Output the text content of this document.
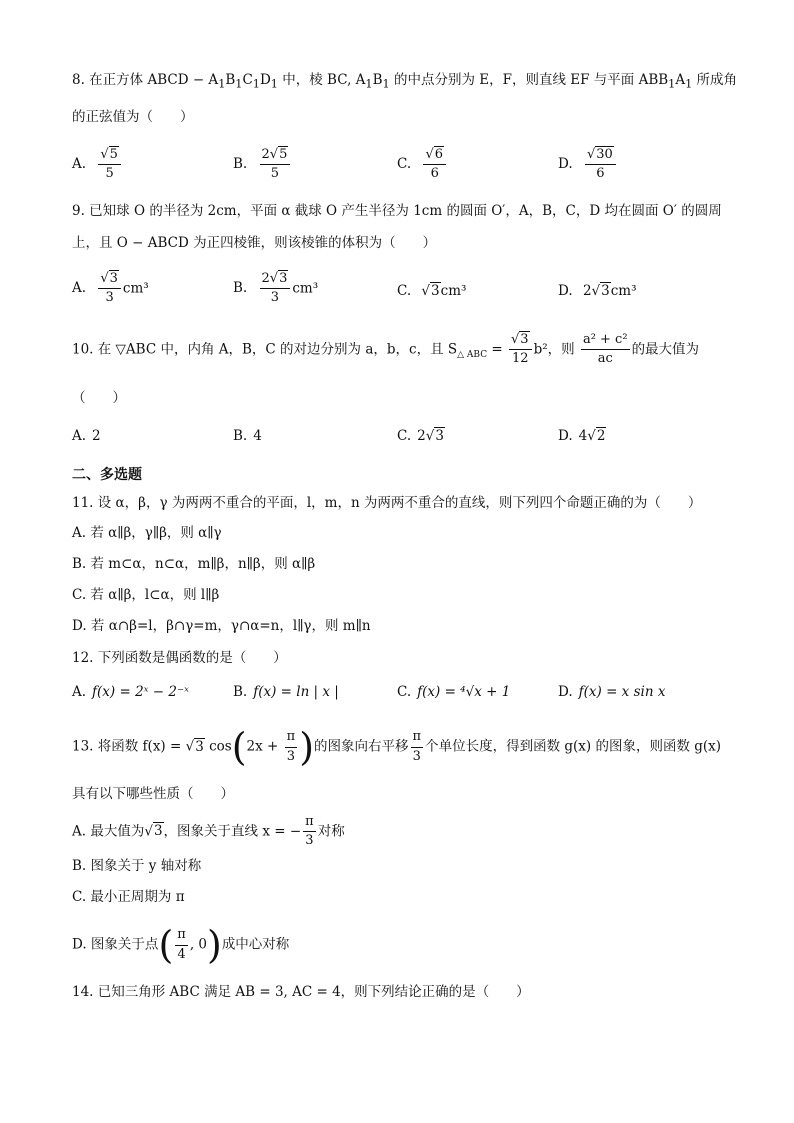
8. 在正方体 ABCD − $A_1B_1C_1D_1$ 中，棱 BC, $A_1B_1$ 的中点分别为 E，F，则直线 EF 与平面 $ABB_1A_1$ 所成角
的正弦值为（　　）
A. $\frac{√5}{5}$	B. $\frac{2√5}{5}$	C. $\frac{√6}{6}$	D. $\frac{√30}{6}$
9. 已知球 O 的半径为 2cm，平面 α 截球 O 产生半径为 1cm 的圆面 O′，A，B，C，D 均在圆面 O′ 的圆周
上，且 O − ABCD 为正四棱锥，则该棱锥的体积为（　　）
A. $\frac{√3}{3} cm^3$	B. $\frac{2√3}{3} cm^3$	C. √3cm³	D. 2√3cm³
10. 在 ▽ABC 中，内角 A，B，C 的对边分别为 a，b，c，且 $S_{\triangle ABC} = \frac{√3}{12} b^2$，则 $\frac{\text{a² + c²}}{ac}$ 的最大值为
（　　）
A. 2	B. 4	C. 2√3	D. 4√2
二、多选题
11. 设 α，β，γ 为两两不重合的平面，l，m，n 为两两不重合的直线，则下列四个命题正确的为（　　）
A. 若 α∥β，γ∥β，则 α∥γ
B. 若 m⊂α，n⊂α，m∥β，n∥β，则 α∥β
C. 若 α∥β，l⊂α，则 l∥β
D. 若 α∩β=l，β∩γ=m，γ∩α=n，l∥γ，则 m∥n
12. 下列函数是偶函数的是（　　）
A. f(x) = 2ˣ − 2⁻ˣ	B. f(x) = ln | x |	C. f(x) = ⁴√x + 1	D. f(x) = x sin x
13. 将函数 f(x) = √3 $\cos(2x + \frac{\pi}{3}$ )的图象向右平移 $\frac{\pi}{3}$ 个单位长度，得到函数 g(x) 的图象，则函数 g(x)
具有以下哪些性质（　　）
A. 最大值为√3，图象关于直线 x = − $\frac{\pi}{3}$ 对称
B. 图象关于 y 轴对称
C. 最小正周期为 π
D. 图象关于点( $\frac{\pi}{4}$ , 0)成中心对称
14. 已知三角形 ABC 满足 AB = 3, AC = 4，则下列结论正确的是（　　）
